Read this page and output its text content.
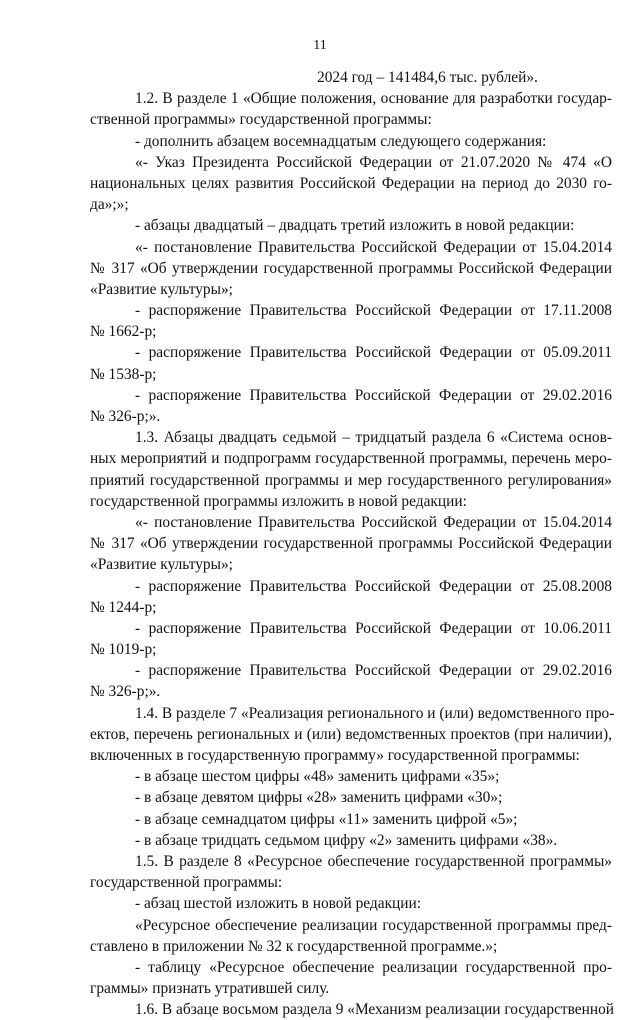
11
2024 год – 141484,6 тыс. рублей».
1.2. В разделе 1 «Общие положения, основание для разработки государ-
ственной программы» государственной программы:
- дополнить абзацем восемнадцатым следующего содержания:
«- Указ Президента Российской Федерации от 21.07.2020 № 474 «О
национальных целях развития Российской Федерации на период до 2030 го-
да»;»;
- абзацы двадцатый – двадцать третий изложить в новой редакции:
«- постановление Правительства Российской Федерации от 15.04.2014
№ 317 «Об утверждении государственной программы Российской Федерации
«Развитие культуры»;
- распоряжение Правительства Российской Федерации от 17.11.2008
№ 1662-р;
- распоряжение Правительства Российской Федерации от 05.09.2011
№ 1538-р;
- распоряжение Правительства Российской Федерации от 29.02.2016
№ 326-р;».
1.3. Абзацы двадцать седьмой – тридцатый раздела 6 «Система основ-
ных мероприятий и подпрограмм государственной программы, перечень меро-
приятий государственной программы и мер государственного регулирования»
государственной программы изложить в новой редакции:
«- постановление Правительства Российской Федерации от 15.04.2014
№ 317 «Об утверждении государственной программы Российской Федерации
«Развитие культуры»;
- распоряжение Правительства Российской Федерации от 25.08.2008
№ 1244-р;
- распоряжение Правительства Российской Федерации от 10.06.2011
№ 1019-р;
- распоряжение Правительства Российской Федерации от 29.02.2016
№ 326-р;».
1.4. В разделе 7 «Реализация регионального и (или) ведомственного про-
ектов, перечень региональных и (или) ведомственных проектов (при наличии),
включенных в государственную программу» государственной программы:
- в абзаце шестом цифры «48» заменить цифрами «35»;
- в абзаце девятом цифры «28» заменить цифрами «30»;
- в абзаце семнадцатом цифры «11» заменить цифрой «5»;
- в абзаце тридцать седьмом цифру «2» заменить цифрами «38».
1.5. В разделе 8 «Ресурсное обеспечение государственной программы»
государственной программы:
- абзац шестой изложить в новой редакции:
«Ресурсное обеспечение реализации государственной программы пред-
ставлено в приложении № 32 к государственной программе.»;
- таблицу «Ресурсное обеспечение реализации государственной про-
граммы» признать утратившей силу.
1.6. В абзаце восьмом раздела 9 «Механизм реализации государственной
